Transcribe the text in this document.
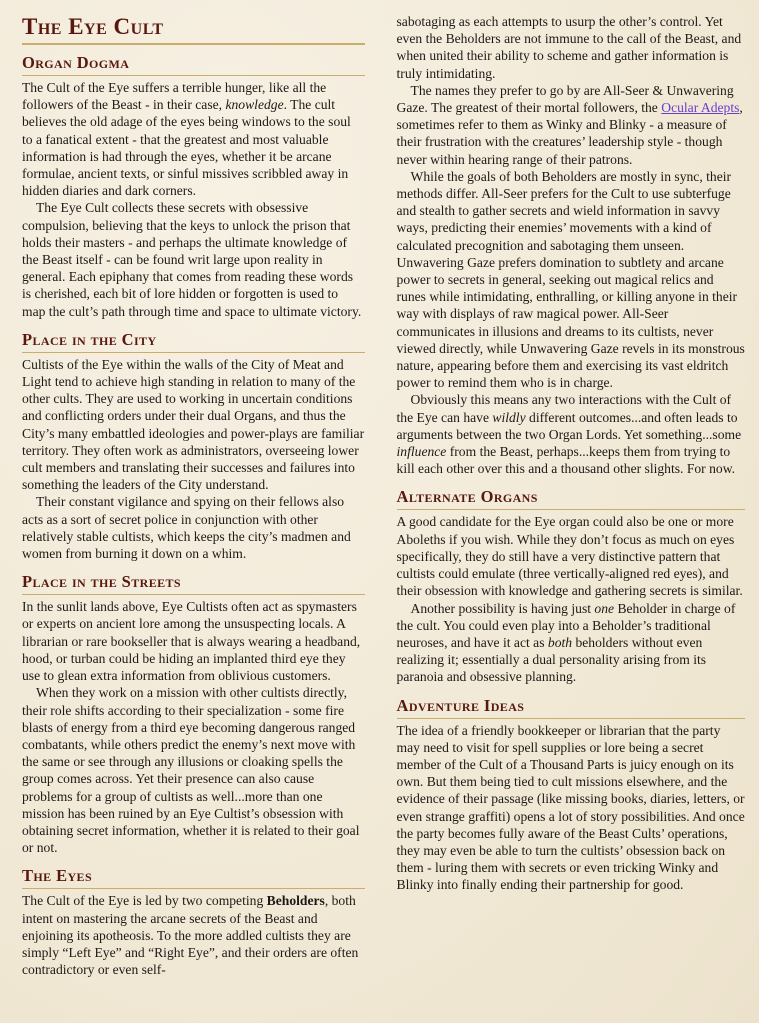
The Eye Cult
Organ Dogma

The Cult of the Eye suffers a terrible hunger, like all the followers of the Beast - in their case, knowledge. The cult believes the old adage of the eyes being windows to the soul to a fanatical extent - that the greatest and most valuable information is had through the eyes, whether it be arcane formulae, ancient texts, or sinful missives scribbled away in hidden diaries and dark corners.

The Eye Cult collects these secrets with obsessive compulsion, believing that the keys to unlock the prison that holds their masters - and perhaps the ultimate knowledge of the Beast itself - can be found writ large upon reality in general. Each epiphany that comes from reading these words is cherished, each bit of lore hidden or forgotten is used to map the cult’s path through time and space to ultimate victory.

Place in the City

Cultists of the Eye within the walls of the City of Meat and Light tend to achieve high standing in relation to many of the other cults. They are used to working in uncertain conditions and conflicting orders under their dual Organs, and thus the City’s many embattled ideologies and power-plays are familiar territory. They often work as administrators, overseeing lower cult members and translating their successes and failures into something the leaders of the City understand.

Their constant vigilance and spying on their fellows also acts as a sort of secret police in conjunction with other relatively stable cultists, which keeps the city’s madmen and women from burning it down on a whim.

Place in the Streets

In the sunlit lands above, Eye Cultists often act as spymasters or experts on ancient lore among the unsuspecting locals. A librarian or rare bookseller that is always wearing a headband, hood, or turban could be hiding an implanted third eye they use to glean extra information from oblivious customers.

When they work on a mission with other cultists directly, their role shifts according to their specialization - some fire blasts of energy from a third eye becoming dangerous ranged combatants, while others predict the enemy’s next move with the same or see through any illusions or cloaking spells the group comes across. Yet their presence can also cause problems for a group of cultists as well...more than one mission has been ruined by an Eye Cultist’s obsession with obtaining secret information, whether it is related to their goal or not.

The Eyes

The Cult of the Eye is led by two competing Beholders, both intent on mastering the arcane secrets of the Beast and enjoining its apotheosis. To the more addled cultists they are simply “Left Eye” and “Right Eye”, and their orders are often contradictory or even self-

sabotaging as each attempts to usurp the other’s control. Yet even the Beholders are not immune to the call of the Beast, and when united their ability to scheme and gather information is truly intimidating.

The names they prefer to go by are All-Seer & Unwavering Gaze. The greatest of their mortal followers, the Ocular Adepts, sometimes refer to them as Winky and Blinky - a measure of their frustration with the creatures’ leadership style - though never within hearing range of their patrons.

While the goals of both Beholders are mostly in sync, their methods differ. All-Seer prefers for the Cult to use subterfuge and stealth to gather secrets and wield information in savvy ways, predicting their enemies’ movements with a kind of calculated precognition and sabotaging them unseen. Unwavering Gaze prefers domination to subtlety and arcane power to secrets in general, seeking out magical relics and runes while intimidating, enthralling, or killing anyone in their way with displays of raw magical power. All-Seer communicates in illusions and dreams to its cultists, never viewed directly, while Unwavering Gaze revels in its monstrous nature, appearing before them and exercising its vast eldritch power to remind them who is in charge.

Obviously this means any two interactions with the Cult of the Eye can have wildly different outcomes...and often leads to arguments between the two Organ Lords. Yet something...some influence from the Beast, perhaps...keeps them from trying to kill each other over this and a thousand other slights. For now.

Alternate Organs

A good candidate for the Eye organ could also be one or more Aboleths if you wish. While they don’t focus as much on eyes specifically, they do still have a very distinctive pattern that cultists could emulate (three vertically-aligned red eyes), and their obsession with knowledge and gathering secrets is similar.

Another possibility is having just one Beholder in charge of the cult. You could even play into a Beholder’s traditional neuroses, and have it act as both beholders without even realizing it; essentially a dual personality arising from its paranoia and obsessive planning.

Adventure Ideas

The idea of a friendly bookkeeper or librarian that the party may need to visit for spell supplies or lore being a secret member of the Cult of a Thousand Parts is juicy enough on its own. But them being tied to cult missions elsewhere, and the evidence of their passage (like missing books, diaries, letters, or even strange graffiti) opens a lot of story possibilities. And once the party becomes fully aware of the Beast Cults’ operations, they may even be able to turn the cultists’ obsession back on them - luring them with secrets or even tricking Winky and Blinky into finally ending their partnership for good.
